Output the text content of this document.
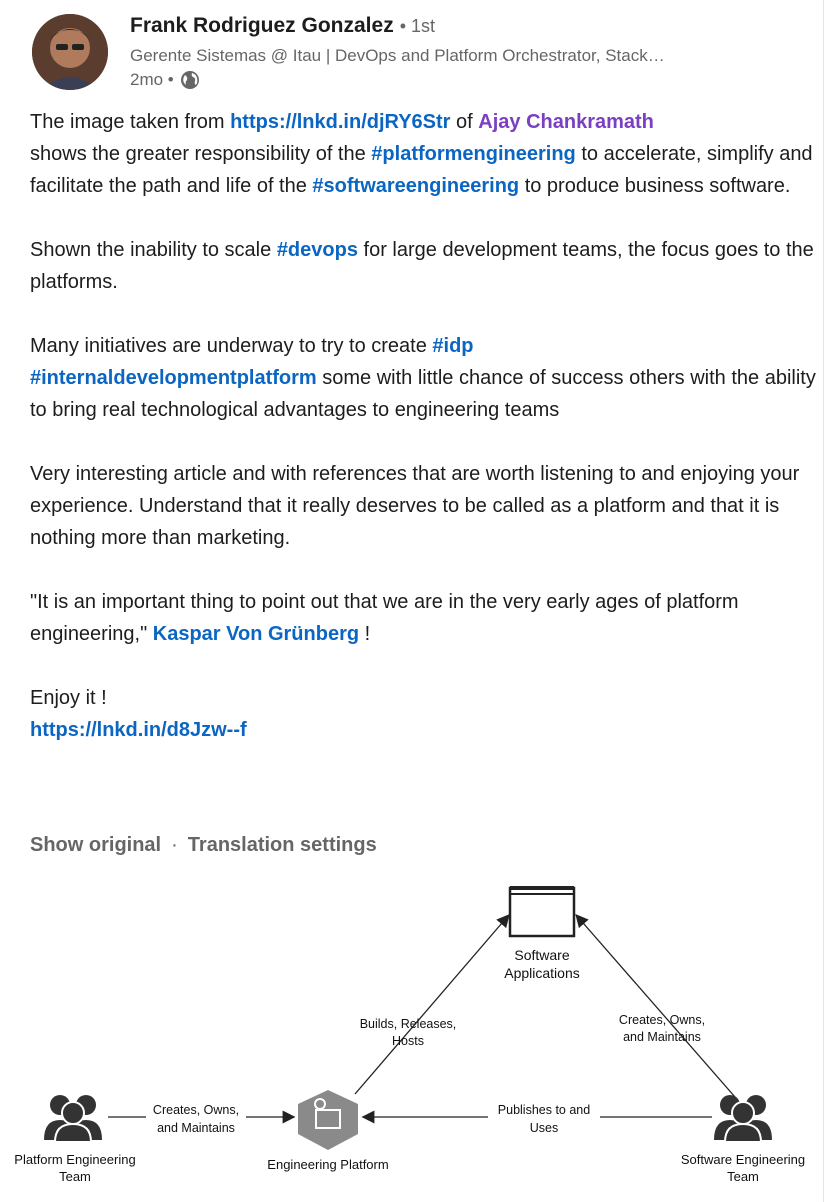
Frank Rodriguez Gonzalez • 1st
Gerente Sistemas @ Itau | DevOps and Platform Orchestrator, Stack…
2mo •

The image taken from https://lnkd.in/djRY6Str of Ajay Chankramath
shows the greater responsibility of the #platformengineering to accelerate, simplify and facilitate the path and life of the #softwareengineering to produce business software.

Shown the inability to scale #devops for large development teams, the focus goes to the platforms.

Many initiatives are underway to try to create #idp
#internaldevelopmentplatform some with little chance of success others with the ability to bring real technological advantages to engineering teams

Very interesting article and with references that are worth listening to and enjoying your experience. Understand that it really deserves to be called as a platform and that it is nothing more than marketing.

"It is an important thing to point out that we are in the very early ages of platform engineering," Kaspar Von Grünberg !

Enjoy it !
https://lnkd.in/d8Jzw--f

Show original · Translation settings
Software
Applications
Builds, Releases,
Hosts
Creates, Owns,
and Maintains
Platform Engineering
Team
Creates, Owns,
and Maintains
Engineering Platform
Publishes to and
Uses
Software Engineering
Team
